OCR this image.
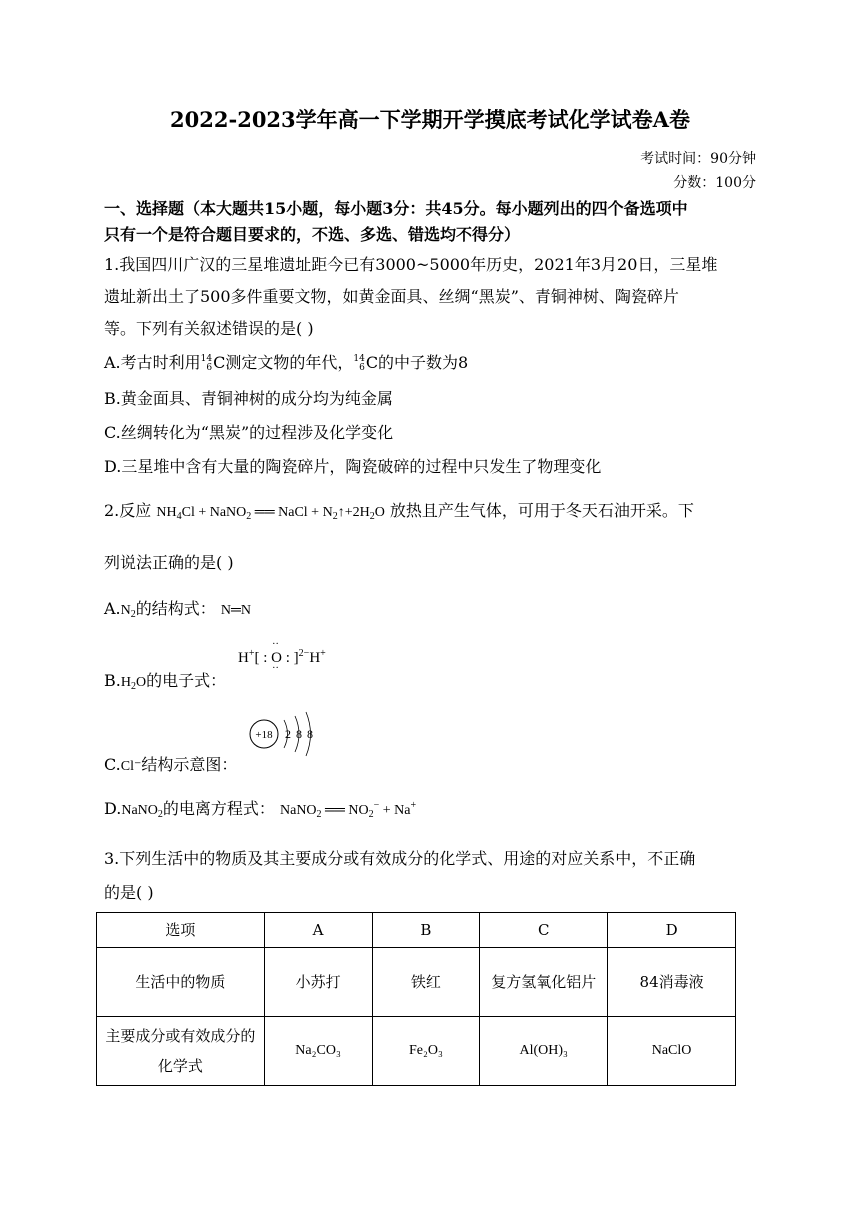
2022-2023学年高一下学期开学摸底考试化学试卷A卷
考试时间：90分钟
分数：100分
一、选择题（本大题共15小题，每小题3分：共45分。每小题列出的四个备选项中
只有一个是符合题目要求的，不选、多选、错选均不得分）
1.我国四川广汉的三星堆遗址距今已有3000~5000年历史，2021年3月20日，三星堆
遗址新出土了500多件重要文物，如黄金面具、丝绸“黑炭”、青铜神树、陶瓷碎片
等。下列有关叙述错误的是( )
A.考古时利用14
6C测定文物的年代，14
6C的中子数为8
B.黄金面具、青铜神树的成分均为纯金属
C.丝绸转化为“黑炭”的过程涉及化学变化
D.三星堆中含有大量的陶瓷碎片，陶瓷破碎的过程中只发生了物理变化
2.反应 $NH_4Cl$ + NaNO$_2$ ══ NaCl + $N_2↑+2H_2O$ 放热且产生气体，可用于冬天石油开采。下
列说法正确的是( )
$A.N_2$的结构式： N═N
$B.H_2O$的电子式：
H+[ : O
··
··
: ]$^{2-}$H+
C.Cl⁻结构示意图：
+18 2 8 8
D.NaNO$_2$的电离方程式： NaNO$_2$ ══ $NO_2^- + Na^+$
3.下列生活中的物质及其主要成分或有效成分的化学式、用途的对应关系中，不正确
的是( )
选项	A	B	C	D
生活中的物质	小苏打	铁红	复方氢氧化铝片	84消毒液
主要成分或有效成分的化学式	Na₂CO₃	Fe₂O₃	Al(OH)₃	NaClO
